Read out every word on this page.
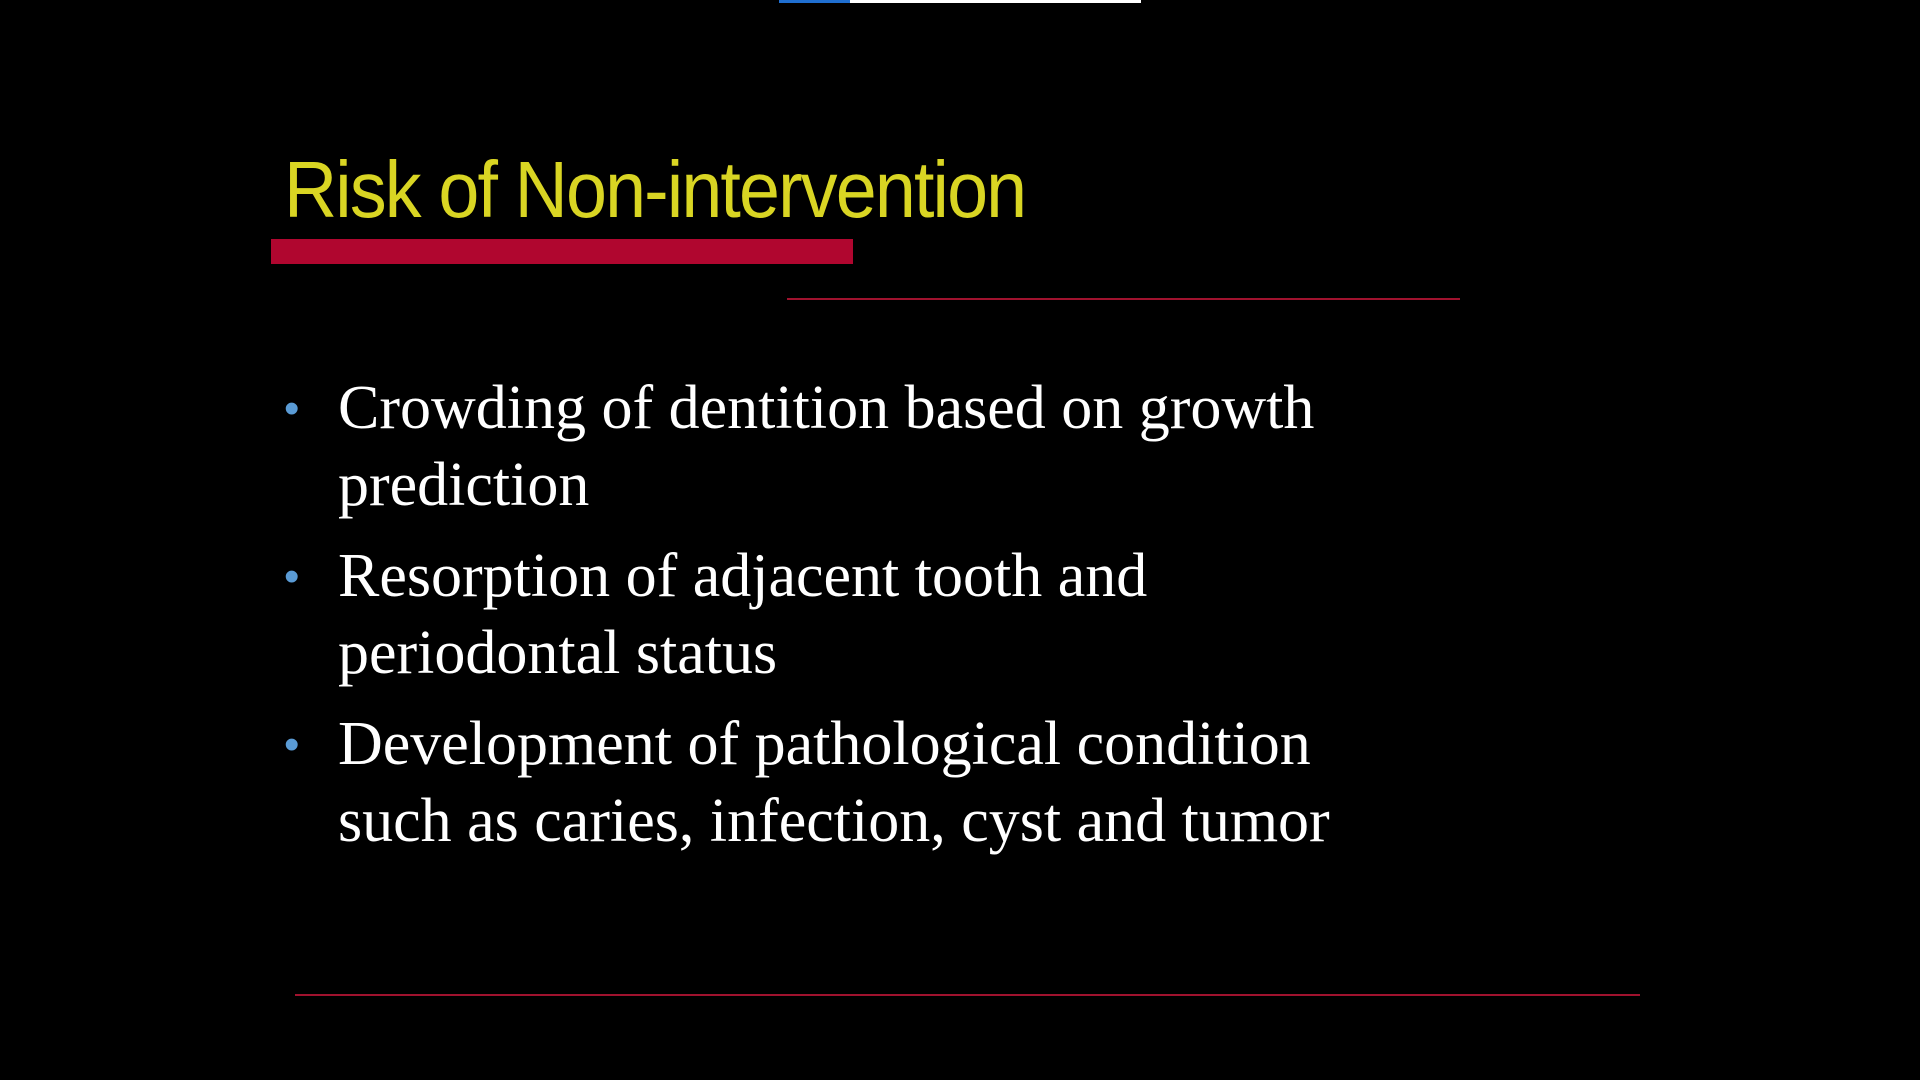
Risk of Non-intervention
• Crowding of dentition based on growth prediction
• Resorption of adjacent tooth and periodontal status
• Development of pathological condition such as caries, infection, cyst and tumor
